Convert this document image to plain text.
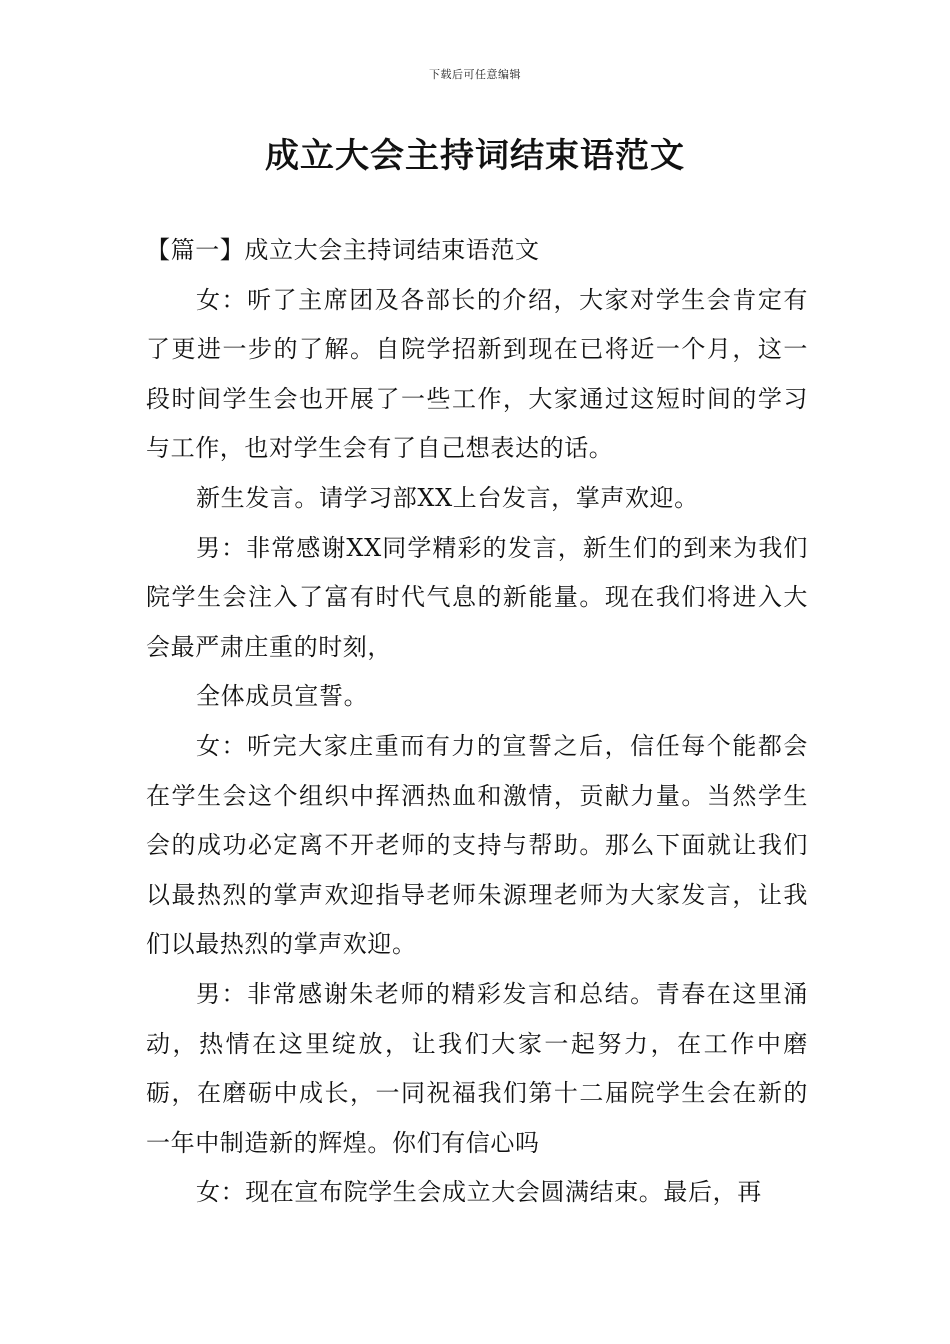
下载后可任意编辑
成立大会主持词结束语范文

【篇一】成立大会主持词结束语范文

女：听了主席团及各部长的介绍，大家对学生会肯定有了更进一步的了解。自院学招新到现在已将近一个月，这一段时间学生会也开展了一些工作，大家通过这短时间的学习与工作，也对学生会有了自己想表达的话。

新生发言。请学习部XX上台发言，掌声欢迎。

男：非常感谢XX同学精彩的发言，新生们的到来为我们院学生会注入了富有时代气息的新能量。现在我们将进入大会最严肃庄重的时刻，

全体成员宣誓。

女：听完大家庄重而有力的宣誓之后，信任每个能都会在学生会这个组织中挥洒热血和激情，贡献力量。当然学生会的成功必定离不开老师的支持与帮助。那么下面就让我们以最热烈的掌声欢迎指导老师朱源理老师为大家发言，让我们以最热烈的掌声欢迎。

男：非常感谢朱老师的精彩发言和总结。青春在这里涌动，热情在这里绽放，让我们大家一起努力，在工作中磨砺，在磨砺中成长，一同祝福我们第十二届院学生会在新的一年中制造新的辉煌。你们有信心吗

女：现在宣布院学生会成立大会圆满结束。最后，再
